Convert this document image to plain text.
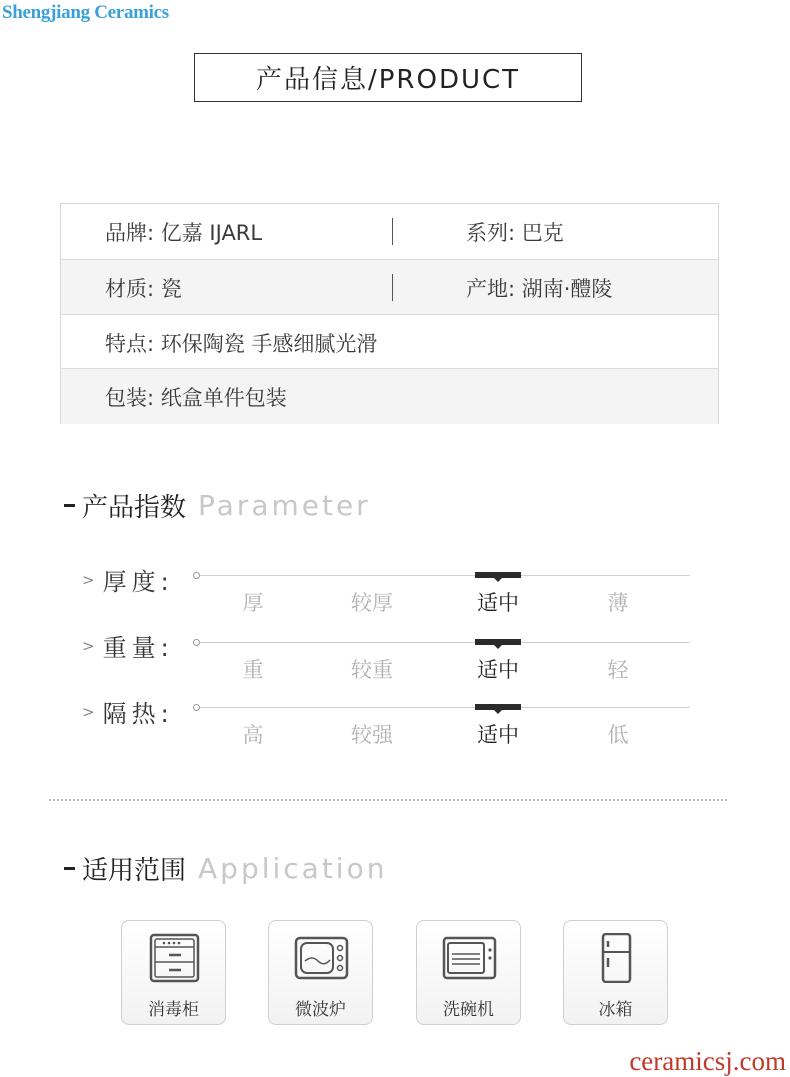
Shengjiang Ceramics
产品信息/PRODUCT
品牌: 亿嘉 IJARL	系列: 巴克
材质: 瓷	产地: 湖南·醴陵
特点: 环保陶瓷 手感细腻光滑
包装: 纸盒单件包装
产品指数 Parameter
> 厚度:
厚	较厚	适中	薄
> 重量:
重	较重	适中	轻
> 隔热:
高	较强	适中	低
适用范围 Application
消毒柜	微波炉	洗碗机	冰箱
ceramicsj.com
